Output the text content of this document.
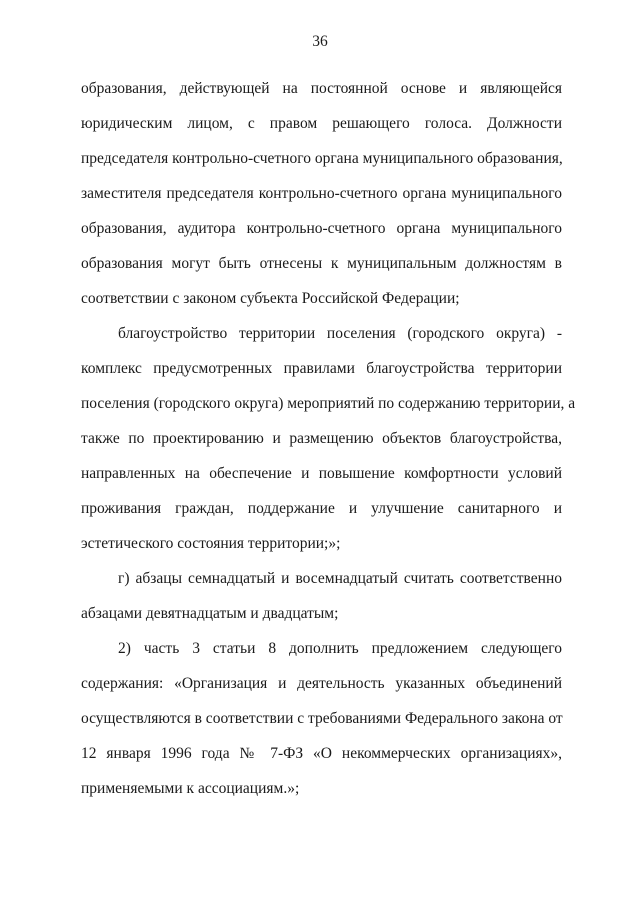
36
образования, действующей на постоянной основе и являющейся
юридическим лицом, с правом решающего голоса. Должности
председателя контрольно-счетного органа муниципального образования,
заместителя председателя контрольно-счетного органа муниципального
образования, аудитора контрольно-счетного органа муниципального
образования могут быть отнесены к муниципальным должностям в
соответствии с законом субъекта Российской Федерации;
благоустройство территории поселения (городского округа) -
комплекс предусмотренных правилами благоустройства территории
поселения (городского округа) мероприятий по содержанию территории, а
также по проектированию и размещению объектов благоустройства,
направленных на обеспечение и повышение комфортности условий
проживания граждан, поддержание и улучшение санитарного и
эстетического состояния территории;»;
г) абзацы семнадцатый и восемнадцатый считать соответственно
абзацами девятнадцатым и двадцатым;
2) часть 3 статьи 8 дополнить предложением следующего
содержания: «Организация и деятельность указанных объединений
осуществляются в соответствии с требованиями Федерального закона от
12 января 1996 года № 7-ФЗ «О некоммерческих организациях»,
применяемыми к ассоциациям.»;
